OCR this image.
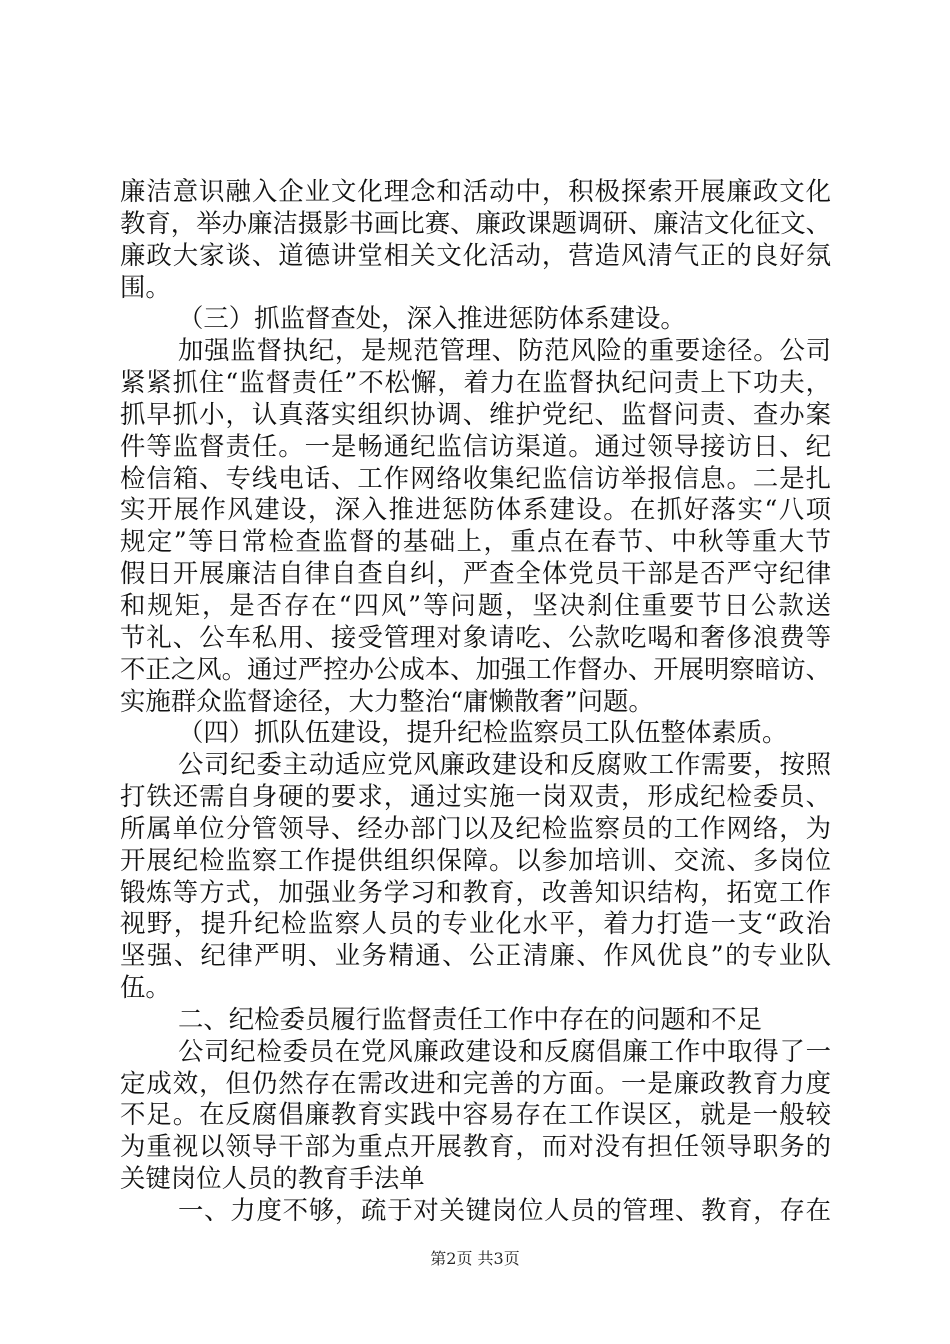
廉洁意识融入企业文化理念和活动中，积极探索开展廉政文化
教育，举办廉洁摄影书画比赛、廉政课题调研、廉洁文化征文、
廉政大家谈、道德讲堂相关文化活动，营造风清气正的良好氛
围。
（三）抓监督查处，深入推进惩防体系建设。
加强监督执纪，是规范管理、防范风险的重要途径。公司
紧紧抓住“监督责任”不松懈，着力在监督执纪问责上下功夫，
抓早抓小，认真落实组织协调、维护党纪、监督问责、查办案
件等监督责任。一是畅通纪监信访渠道。通过领导接访日、纪
检信箱、专线电话、工作网络收集纪监信访举报信息。二是扎
实开展作风建设，深入推进惩防体系建设。在抓好落实“八项
规定”等日常检查监督的基础上，重点在春节、中秋等重大节
假日开展廉洁自律自查自纠，严查全体党员干部是否严守纪律
和规矩，是否存在“四风”等问题，坚决刹住重要节日公款送
节礼、公车私用、接受管理对象请吃、公款吃喝和奢侈浪费等
不正之风。通过严控办公成本、加强工作督办、开展明察暗访、
实施群众监督途径，大力整治“庸懒散奢”问题。
（四）抓队伍建设，提升纪检监察员工队伍整体素质。
公司纪委主动适应党风廉政建设和反腐败工作需要，按照
打铁还需自身硬的要求，通过实施一岗双责，形成纪检委员、
所属单位分管领导、经办部门以及纪检监察员的工作网络，为
开展纪检监察工作提供组织保障。以参加培训、交流、多岗位
锻炼等方式，加强业务学习和教育，改善知识结构，拓宽工作
视野，提升纪检监察人员的专业化水平，着力打造一支“政治
坚强、纪律严明、业务精通、公正清廉、作风优良”的专业队
伍。
二、纪检委员履行监督责任工作中存在的问题和不足
公司纪检委员在党风廉政建设和反腐倡廉工作中取得了一
定成效，但仍然存在需改进和完善的方面。一是廉政教育力度
不足。在反腐倡廉教育实践中容易存在工作误区，就是一般较
为重视以领导干部为重点开展教育，而对没有担任领导职务的
关键岗位人员的教育手法单
一、力度不够，疏于对关键岗位人员的管理、教育，存在
第2页 共3页
